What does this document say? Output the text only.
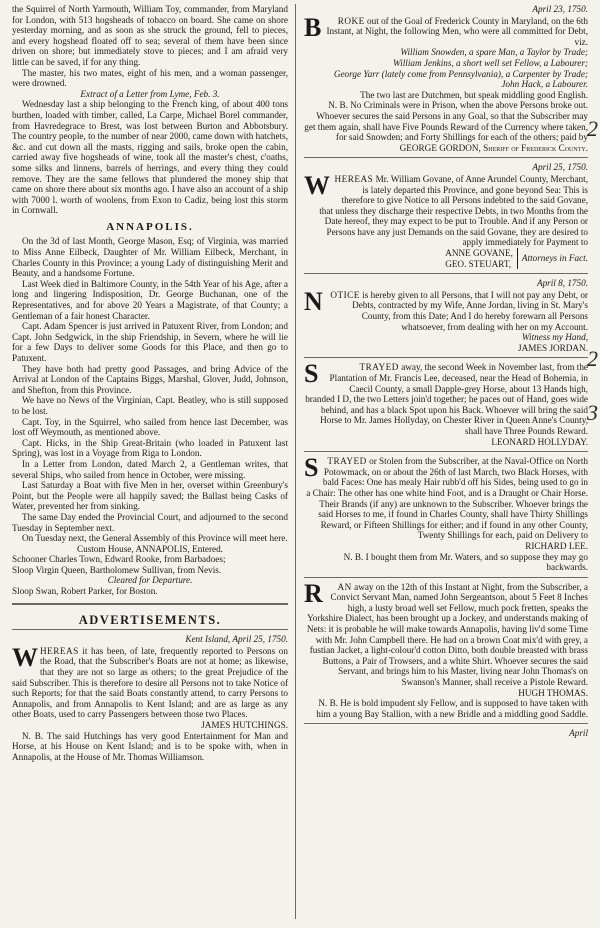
the Squirrel of North Yarmouth, William Toy, commander, from Maryland for London, with 513 hogsheads of tobacco on board. She came on shore yesterday morning, and as soon as she struck the ground, fell to pieces, and every hogshead floated off to sea; several of them have been since driven on shore; but immediately stove to pieces; and I am afraid very little can be saved, if for any thing.

The master, his two mates, eight of his men, and a woman passenger, were drowned.

Extract of a Letter from Lyme, Feb. 3.

Wednesday last a ship belonging to the French king, of about 400 tons burthen, loaded with timber, called, La Carpe, Michael Borel commander, from Havredegrace to Brest, was lost between Burton and Abbotsbury. The country people, to the number of near 2000, came down with hatchets, &c. and cut down all the masts, rigging and sails, broke open the cabin, carried away five hogsheads of wine, took all the master's chest, c'oaths, some silks and linnens, barrels of herrings, and every thing they could remove. They are the same fellows that plundered the money ship that came on shore there about six months ago. I have also an account of a ship with 7000 l. worth of woolens, from Exon to Cadiz, being lost this storm in Cornwall.

ANNAPOLIS.

On the 3d of last Month, George Mason, Esq; of Virginia, was married to Miss Anne Eilbeck, Daughter of Mr. William Eilbeck, Merchant, in Charles County in this Province; a young Lady of distinguishing Merit and Beauty, and a handsome Fortune.

Last Week died in Baltimore County, in the 54th Year of his Age, after a long and lingering Indisposition, Dr. George Buchanan, one of the Representatives, and for above 20 Years a Magistrate, of that County; a Gentleman of a fair honest Character.

Capt. Adam Spencer is just arrived in Patuxent River, from London; and Capt. John Sedgwick, in the ship Friendship, in Severn, where he will lie for a few Days to deliver some Goods for this Place, and then go to Patuxent.

They have both had pretty good Passages, and bring Advice of the Arrival at London of the Captains Biggs, Marshal, Glover, Judd, Johnson, and Shefton, from this Province.

We have no News of the Virginian, Capt. Beatley, who is still supposed to be lost.

Capt. Toy, in the Squirrel, who sailed from hence last December, was lost off Weymouth, as mentioned above.

Capt. Hicks, in the Ship Great-Britain (who loaded in Patuxent last Spring), was lost in a Voyage from Riga to London.

In a Letter from London, dated March 2, a Gentleman writes, that several Ships, who sailed from hence in October, were missing.

Last Saturday a Boat with five Men in her, overset within Greenbury's Point, but the People were all happily saved; the Ballast being Casks of Water, prevented her from sinking.

The same Day ended the Provincial Court, and adjourned to the second Tuesday in September next.

On Tuesday next, the General Assembly of this Province will meet here.

Custom House, ANNAPOLIS, Entered.

Schooner Charles Town, Edward Rooke, from Barbadoes;

Sloop Virgin Queen, Bartholomew Sullivan, from Nevis.

Cleared for Departure.

Sloop Swan, Robert Parker, for Boston.

ADVERTISEMENTS.
Kent Island, April 25, 1750.

WHEREAS it has been, of late, frequently reported to Persons on the Road, that the Subscriber's Boats are not at home; as likewise, that they are not so large as others; to the great Prejudice of the said Subscriber. This is therefore to desire all Persons not to take Notice of such Reports; for that the said Boats constantly attend, to carry Persons to Annapolis, and from Annapolis to Kent Island; and are as large as any other Boats, used to carry Passengers between those two Places.

JAMES HUTCHINGS.

N. B. The said Hutchings has very good Entertainment for Man and Horse, at his House on Kent Island; and is to be spoke with, when in Annapolis, at the House of Mr. Thomas Williamson.

April 23, 1750.

B ROKE out of the Goal of Frederick County in Maryland, on the 6th Instant, at Night, the following Men, who were all committed for Debt, viz.

William Snowden, a spare Man, a Taylor by Trade;

William Jenkins, a short well set Fellow, a Labourer;

George Yarr (lately come from Pennsylvania), a Carpenter by Trade;

John Hack, a Labourer.

The two last are Dutchmen, but speak middling good English.

N. B. No Criminals were in Prison, when the above Persons broke out.

Whoever secures the said Persons in any Goal, so that the Subscriber may get them again, shall have Five Pounds Reward of the Currency where taken, for said Snowden; and Forty Shillings for each of the others; paid by

GEORGE GORDON, Sheriff of Frederick County.

April 25, 1750.

WHEREAS Mr. William Govane, of Anne Arundel County, Merchant, is lately departed this Province, and gone beyond Sea: This is therefore to give Notice to all Persons indebted to the said Govane, that unless they discharge their respective Debts, in two Months from the Date hereof, they may expect to be put to Trouble. And if any Person or Persons have any just Demands on the said Govane, they are desired to apply immediately for Payment to

ANNE GOVANE,
GEO. STEUART,
Attorneys in Fact.
April 8, 1750.

NOTICE is hereby given to all Persons, that I will not pay any Debt, or Debts, contracted by my Wife, Anne Jordan, living in St. Mary's County, from this Date; And I do hereby forewarn all Persons whatsoever, from dealing with her on my Account.

Witness my Hand,

JAMES JORDAN.

S	TRAYED away, the second Week in November last, from the Plantation of Mr. Francis Lee, deceased, near the Head of Bohemia, in Caecil County, a small Dapple-grey Horse, about 13 Hands high, branded I D, the two Letters join'd together; he paces out of Hand, goes wide behind, and has a black Spot upon his Back. Whoever will bring the said Horse to Mr. James Hollyday, on Chester River in Queen Anne's County, shall have Three Pounds Reward.

LEONARD HOLLYDAY.

STRAYED or Stolen from the Subscriber, at the Naval-Office on North Potowmack, on or about the 26th of last March, two Black Horses, with bald Faces: One has mealy Hair rubb'd off his Sides, being used to go in a Chair: The other has one white hind Foot, and is a Draught or Chair Horse. Their Brands (if any) are unknown to the Subscriber. Whoever brings the said Horses to me, if found in Charles County, shall have Thirty Shillings Reward, or Fifteen Shillings for either; and if found in any other County, Twenty Shillings for each, paid on Delivery to

RICHARD LEE.

N. B. I bought them from Mr. Waters, and so suppose they may go backwards.

R AN away on the 12th of this Instant at Night, from the Subscriber, a Convict Servant Man, named John Sergeantson, about 5 Feet 8 Inches high, a lusty broad well set Fellow, much pock fretten, speaks the Yorkshire Dialect, has been brought up a Jockey, and understands making of Nets: it is probable he will make towards Annapolis, having liv'd some Time with Mr. John Campbell there. He had on a brown Coat mix'd with grey, a fustian Jacket, a light-colour'd cotton Ditto, both double breasted with brass Buttons, a Pair of Trowsers, and a white Shirt. Whoever secures the said Servant, and brings him to his Master, living near John Thomas's on Swanson's Manner, shall receive a Pistole Reward.

HUGH THOMAS.

N. B. He is bold impudent sly Fellow, and is supposed to have taken with him a young Bay Stallion, with a new Bridle and a middling good Saddle.

April

2
2
3
